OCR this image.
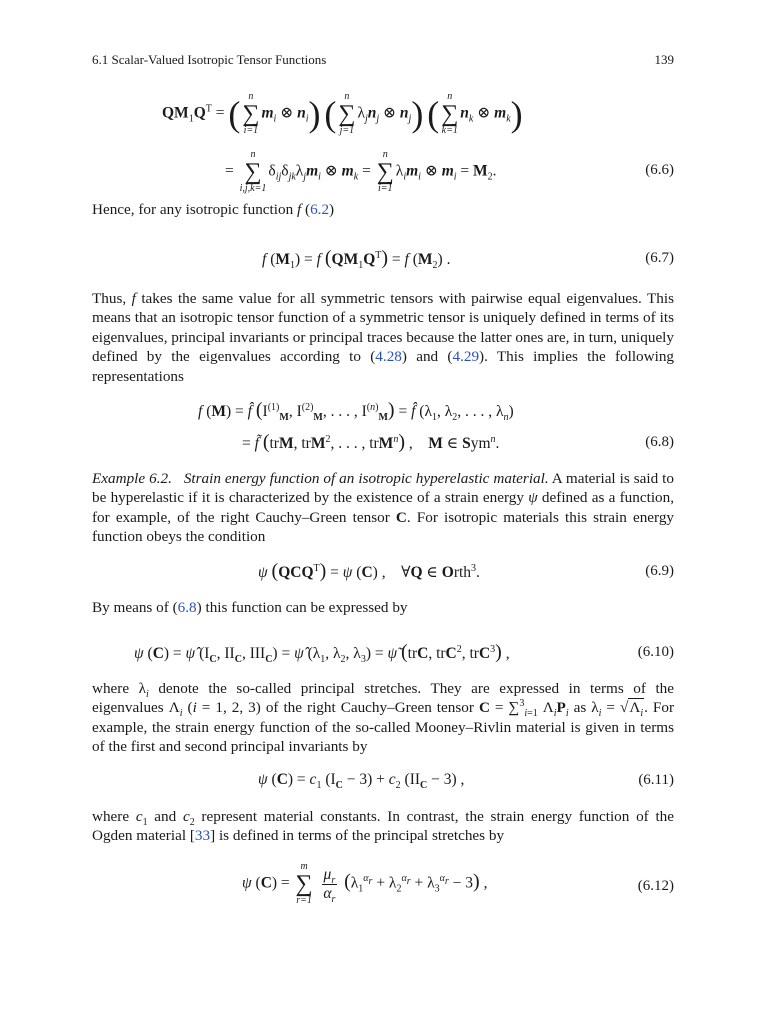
6.1 Scalar-Valued Isotropic Tensor Functions	139
$QM_1Q^T$ = ( n
∑
i=1
$m_i$ ⊗ $n_i$) ( n
∑
j=1
$\lambda_jn_j$ ⊗ $n_j$) ( n
∑
k=1
$n_k$ ⊗ $m_k$)
=
n
∑
i,j,k=1
$\delta_{ij}\delta_{jk}\lambda_jm_i$ ⊗ $m_k$ =
n
∑
i=1
$\lambda_im_i$ ⊗ $m_i = M_2$.	(6.6)

Hence, for any isotropic function f (6.2)

f $(M_1) = f$ $(QM_1Q^T) = f$ $(M_2)$ .	(6.7)

Thus, f takes the same value for all symmetric tensors with pairwise equal eigenvalues. This means that an isotropic tensor function of a symmetric tensor is uniquely defined in terms of its eigenvalues, principal invariants or principal traces because the latter ones are, in turn, uniquely defined by the eigenvalues according to (4.28) and (4.29). This implies the following representations

f (M) = f̂ ($I^{(1)}_M$, $I^{(2)}_M$, . . . , $I^{(n)}_M$) = f̂ ($\lambda_1$, $\lambda_2$, . . . , $\lambda_n$)
= f̃ (trM, trM$^2$, . . . , trM$^n$) ,    M ∈ Sym$^n$.	(6.8)

Example 6.2. Strain energy function of an isotropic hyperelastic material. A material is said to be hyperelastic if it is characterized by the existence of a strain energy ψ defined as a function, for example, of the right Cauchy–Green tensor C. For isotropic materials this strain energy function obeys the condition

ψ $(QCQ^T) = \psi$ (C) ,    ∀Q ∈ Orth$^3$.	(6.9)

By means of (6.8) this function can be expressed by

ψ (C) = ψ̂ ($I_C$, $II_C$, $III_C$) = ψ̂ ($\lambda_1$, $\lambda_2$, $\lambda_3$) = ψ̃ (trC, trC$^2$, trC$^3$) ,	(6.10)

where $\lambda_i$ denote the so-called principal stretches. They are expressed in terms of the eigenvalues $\Lambda_i$ (i = 1, 2, 3) of the right Cauchy–Green tensor C = ∑$^3_{i=1}$ $\Lambda_iP_i$ as $\lambda_i = √\Lambda_i$. For example, the strain energy function of the so-called Mooney–Rivlin material is given in terms of the first and second principal invariants by

ψ $(C) = c_1$ $(I_C - 3) + c_2$ $(II_C - 3)$ ,	(6.11)

where $c_1$ and $c_2$ represent material constants. In contrast, the strain energy function of the Ogden material [33] is defined in terms of the principal stretches by

ψ (C) =
m
∑
r=1
$\frac{\mu_r}{\alpha_r} (\lambda_1^{\alpha_r} + \lambda_2^{\alpha_r} + \lambda_3^{\alpha_r} - 3)$ ,	(6.12)
